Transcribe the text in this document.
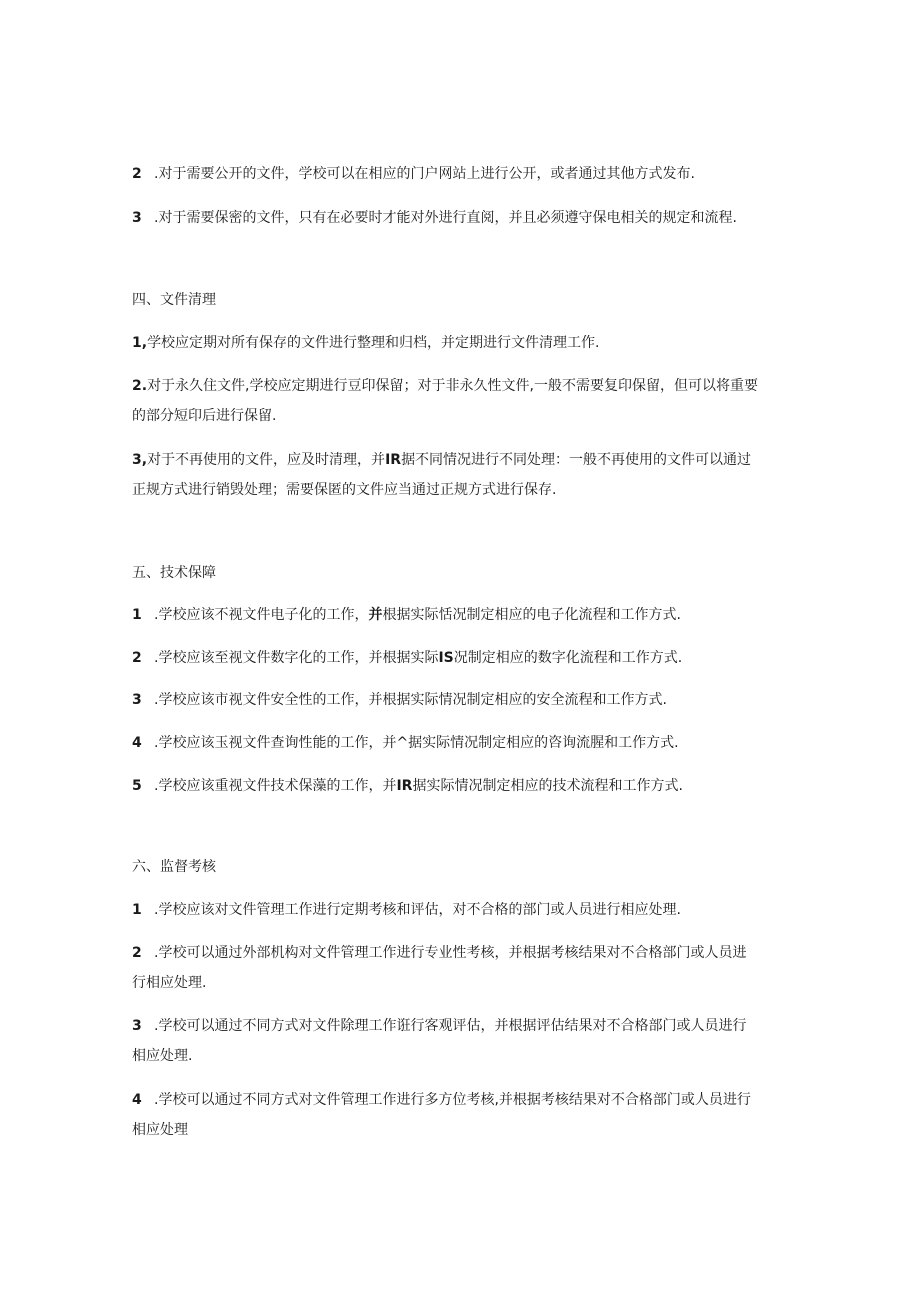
2 .对于需要公开的文件，学校可以在相应的门户网站上进行公开，或者通过其他方式发布.
3 .对于需要保密的文件，只有在必要时才能对外进行直阅，并且必须遵守保电相关的规定和流程.
四、文件清理
1,学校应定期对所有保存的文件进行整理和归档，并定期进行文件清理工作.
2.对于永久住文件,学校应定期进行豆印保留；对于非永久性文件,一般不需要复印保留，但可以将重要
的部分短印后进行保留.
3,对于不再使用的文件，应及时清理，并IR据不同情况进行不同处理：一般不再使用的文件可以通过
正规方式进行销毁处理；需要保匿的文件应当通过正规方式进行保存.
五、技术保障
1 .学校应该不视文件电子化的工作，并根据实际恬况制定相应的电子化流程和工作方式.
2 .学校应该至视文件数字化的工作，并根据实际IS况制定相应的数字化流程和工作方式.
3 .学校应该市视文件安全性的工作，并根据实际情况制定相应的安全流程和工作方式.
4 .学校应该玉视文件查询性能的工作，并^据实际情况制定相应的咨询流腥和工作方式.
5 .学校应该重视文件技术保藻的工作，并IR据实际情况制定相应的技术流程和工作方式.
六、监督考核
1 .学校应该对文件管理工作进行定期考核和评估，对不合格的部门或人员进行相应处理.
2 .学校可以通过外部机构对文件管理工作进行专业性考核，并根据考核结果对不合格部门或人员进
行相应处理.
3 .学校可以通过不同方式对文件除理工作诳行客观评估，并根据评估结果对不合格部门或人员进行
相应处理.
4 .学校可以通过不同方式对文件管理工作进行多方位考核,并根据考核结果对不合格部门或人员进行
相应处理
